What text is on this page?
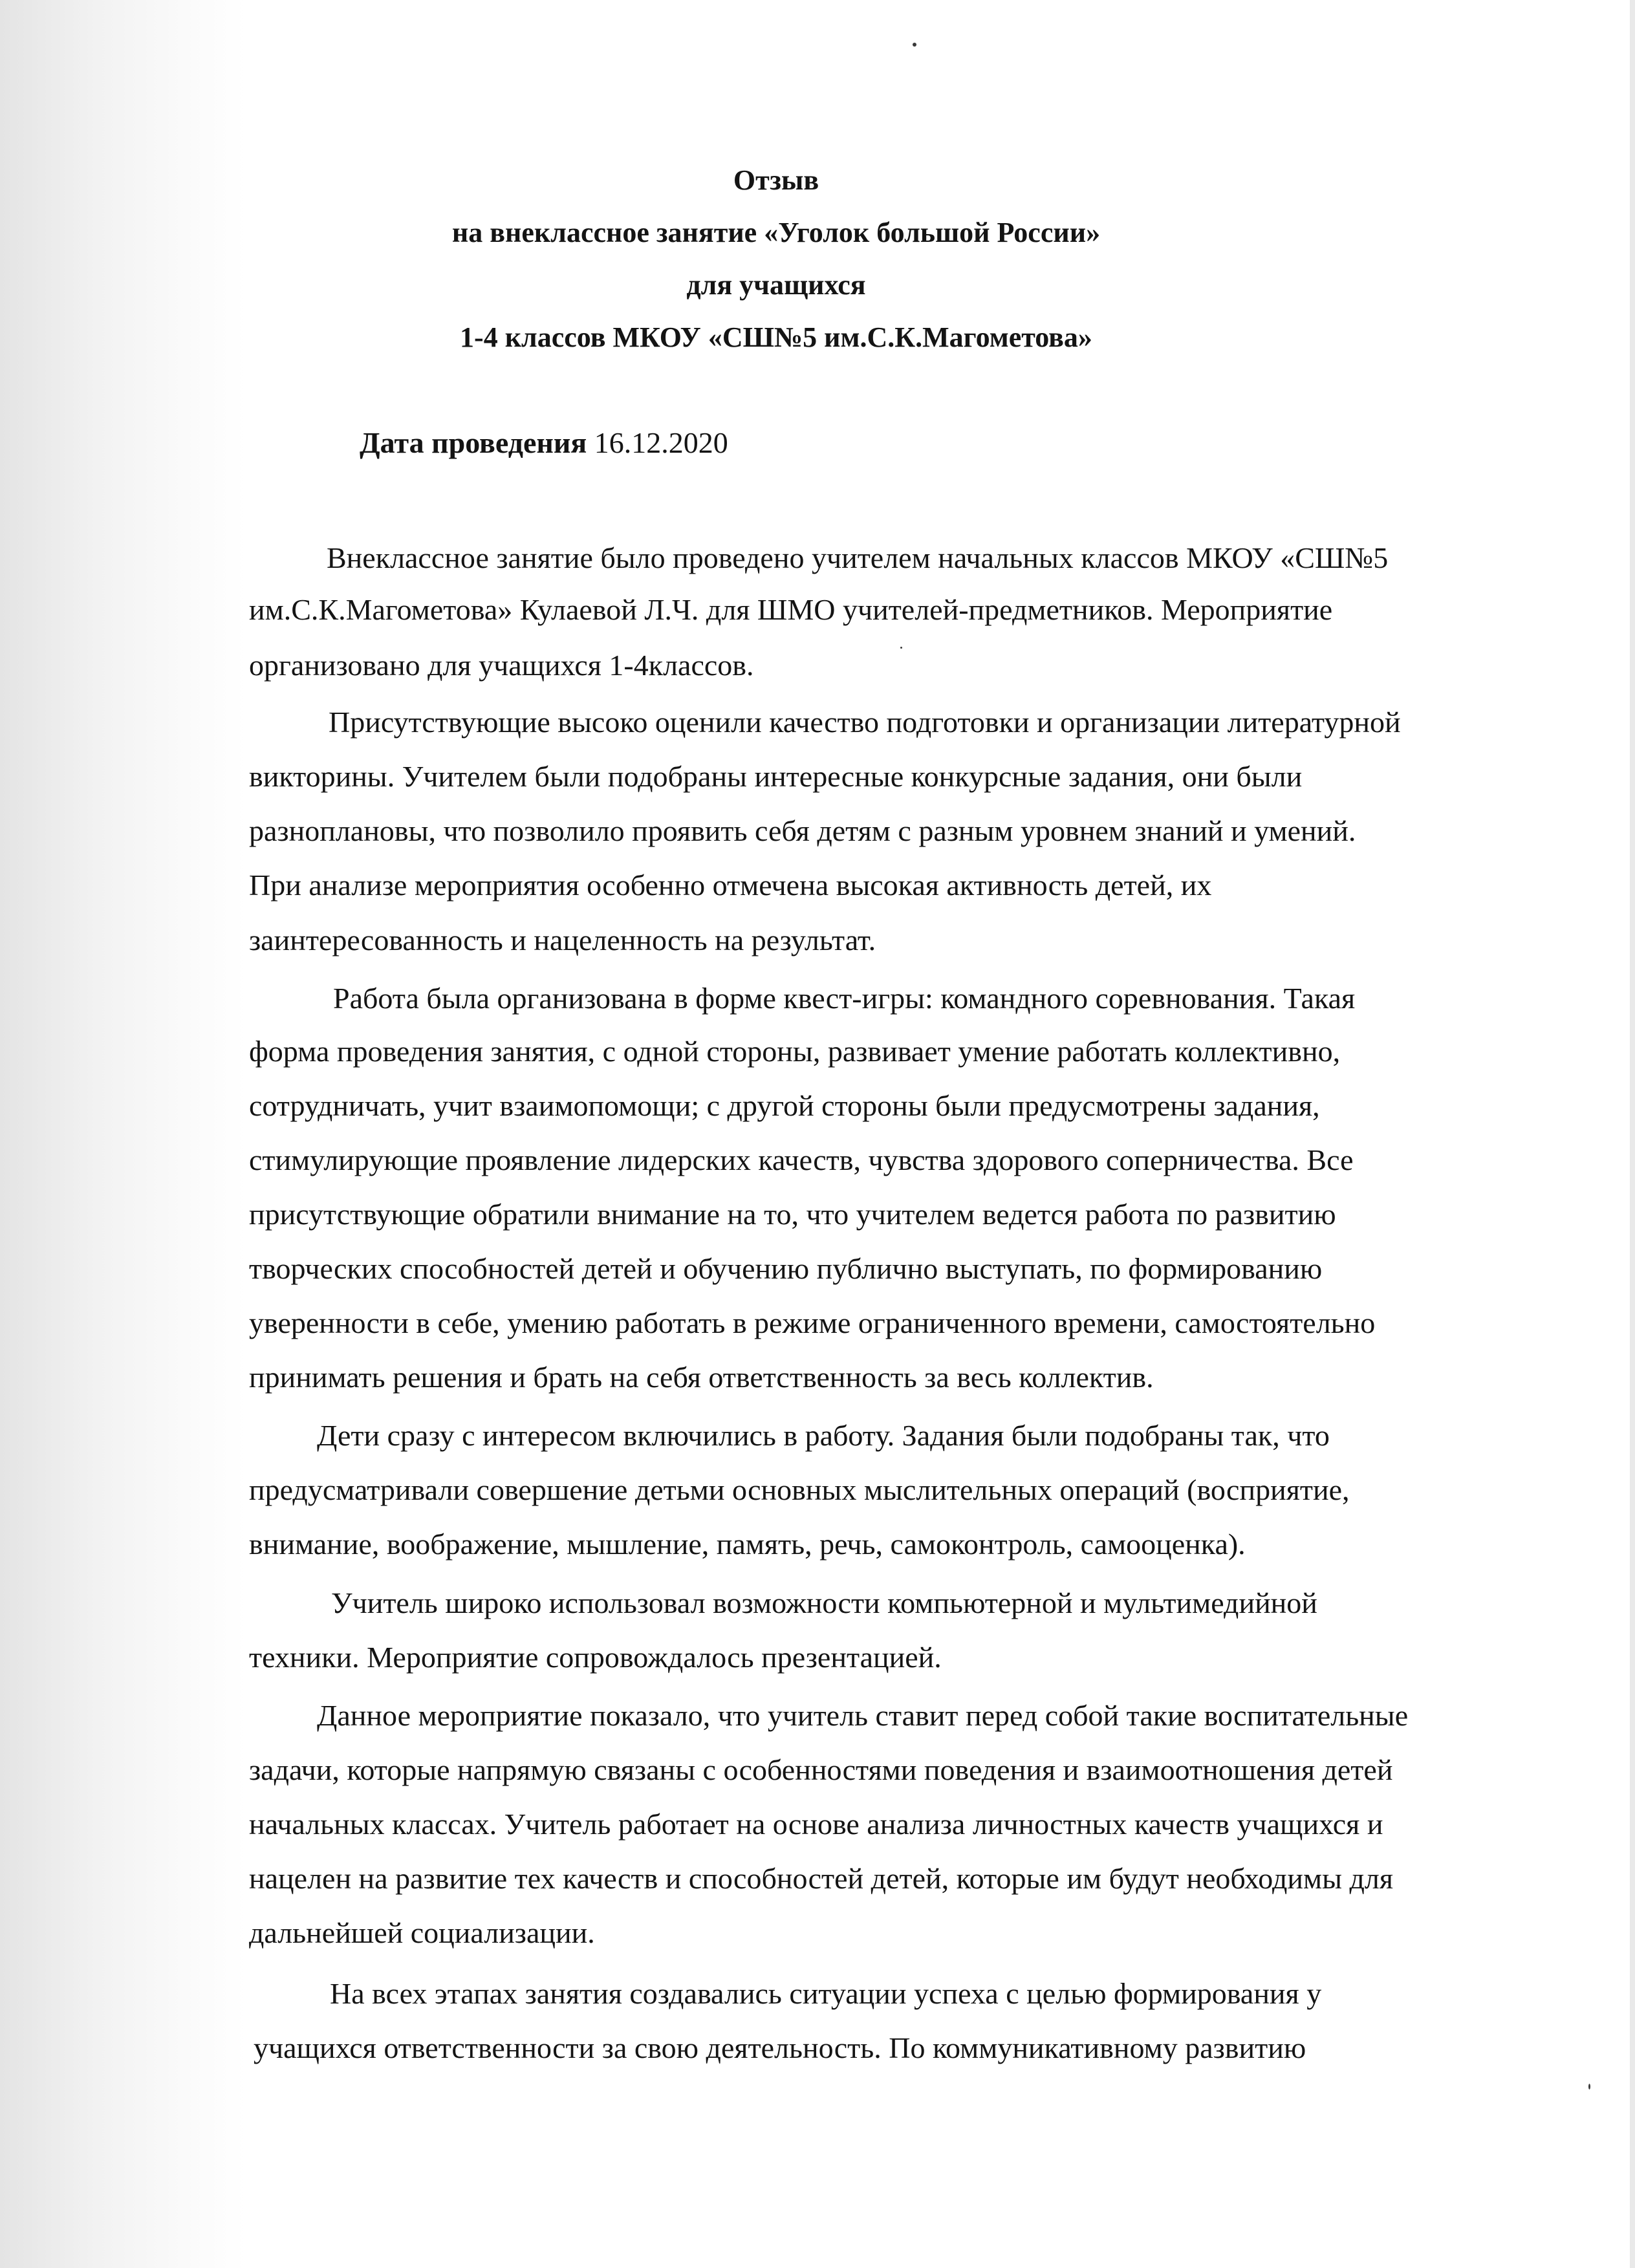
Отзыв
на внеклассное занятие «Уголок большой России»
для учащихся
1-4 классов МКОУ «СШ№5 им.С.К.Магометова»
Дата проведения 16.12.2020
Внеклассное занятие было проведено учителем начальных классов МКОУ «СШ№5
им.С.К.Магометова» Кулаевой Л.Ч. для ШМО учителей-предметников. Мероприятие
организовано для учащихся 1-4классов.
Присутствующие высоко оценили качество подготовки и организации литературной
викторины. Учителем были подобраны интересные конкурсные задания, они были
разноплановы, что позволило проявить себя детям с разным уровнем знаний и умений.
При анализе мероприятия особенно отмечена высокая активность детей, их
заинтересованность и нацеленность на результат.
Работа была организована в форме квест-игры: командного соревнования. Такая
форма проведения занятия, с одной стороны, развивает умение работать коллективно,
сотрудничать, учит взаимопомощи; с другой стороны были предусмотрены задания,
стимулирующие проявление лидерских качеств, чувства здорового соперничества. Все
присутствующие обратили внимание на то, что учителем ведется работа по развитию
творческих способностей детей и обучению публично выступать, по формированию
уверенности в себе, умению работать в режиме ограниченного времени, самостоятельно
принимать решения и брать на себя ответственность за весь коллектив.
Дети сразу с интересом включились в работу. Задания были подобраны так, что
предусматривали совершение детьми основных мыслительных операций (восприятие,
внимание, воображение, мышление, память, речь, самоконтроль, самооценка).
Учитель широко использовал возможности компьютерной и мультимедийной
техники. Мероприятие сопровождалось презентацией.
Данное мероприятие показало, что учитель ставит перед собой такие воспитательные
задачи, которые напрямую связаны с особенностями поведения и взаимоотношения детей
начальных классах. Учитель работает на основе анализа личностных качеств учащихся и
нацелен на развитие тех качеств и способностей детей, которые им будут необходимы для
дальнейшей социализации.
На всех этапах занятия создавались ситуации успеха с целью формирования у
учащихся ответственности за свою деятельность. По коммуникативному развитию
